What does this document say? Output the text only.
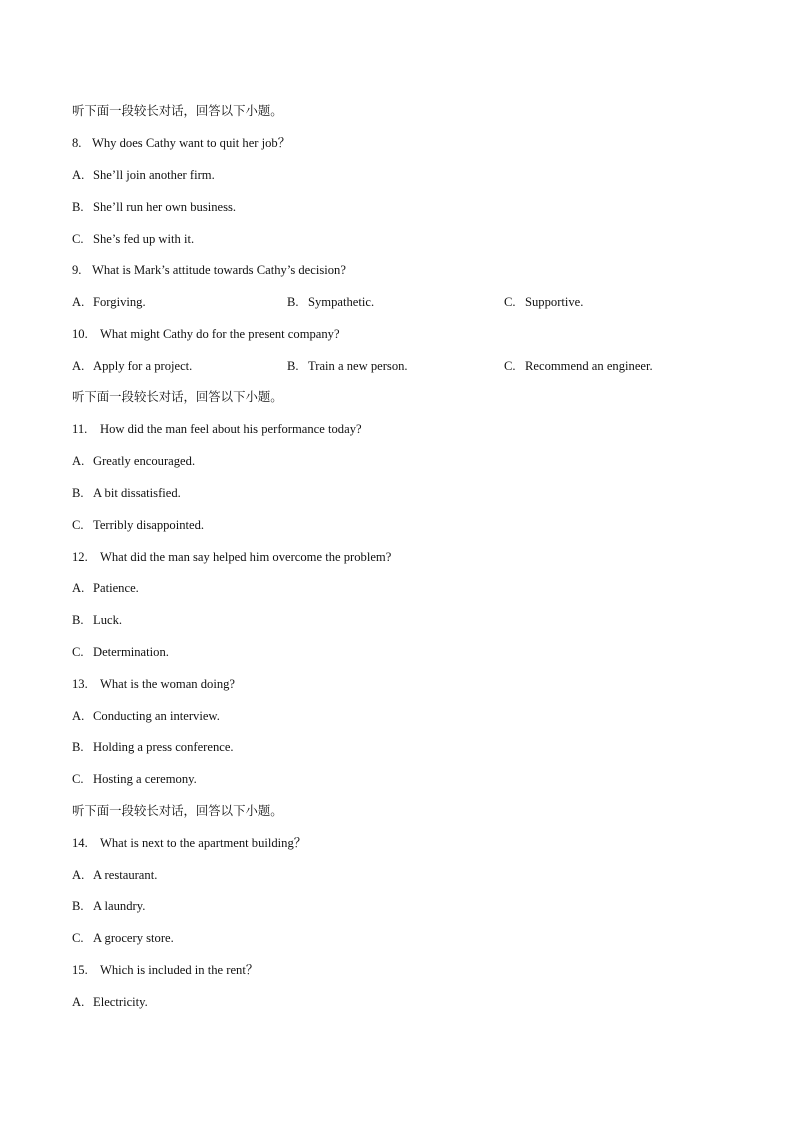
听下面一段较长对话，回答以下小题。
8. Why does Cathy want to quit her job？
A. She’ll join another firm.
B. She’ll run her own business.
C. She’s fed up with it.
9. What is Mark’s attitude towards Cathy’s decision?
A. Forgiving.	B. Sympathetic.	C. Supportive.
10. What might Cathy do for the present company?
A. Apply for a project.	B. Train a new person.	C. Recommend an engineer.
听下面一段较长对话，回答以下小题。
11. How did the man feel about his performance today?
A. Greatly encouraged.
B. A bit dissatisfied.
C. Terribly disappointed.
12. What did the man say helped him overcome the problem?
A. Patience.
B. Luck.
C. Determination.
13. What is the woman doing?
A. Conducting an interview.
B. Holding a press conference.
C. Hosting a ceremony.
听下面一段较长对话，回答以下小题。
14. What is next to the apartment building？
A. A restaurant.
B. A laundry.
C. A grocery store.
15. Which is included in the rent？
A. Electricity.
